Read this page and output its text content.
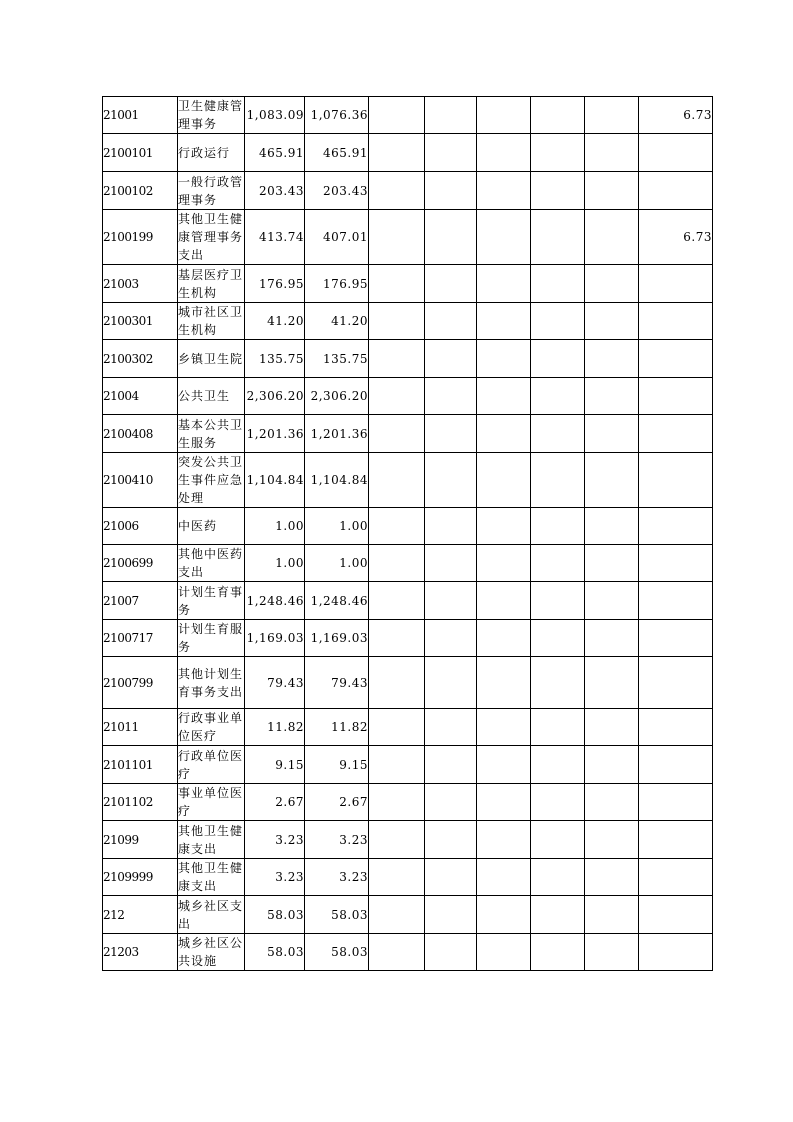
21001	卫生健康管理事务	1,083.09	1,076.36						6.73
2100101	行政运行	465.91	465.91						
2100102	一般行政管理事务	203.43	203.43						
2100199	其他卫生健康管理事务支出	413.74	407.01						6.73
21003	基层医疗卫生机构	176.95	176.95						
2100301	城市社区卫生机构	41.20	41.20						
2100302	乡镇卫生院	135.75	135.75						
21004	公共卫生	2,306.20	2,306.20						
2100408	基本公共卫生服务	1,201.36	1,201.36						
2100410	突发公共卫生事件应急处理	1,104.84	1,104.84						
21006	中医药	1.00	1.00						
2100699	其他中医药支出	1.00	1.00						
21007	计划生育事务	1,248.46	1,248.46						
2100717	计划生育服务	1,169.03	1,169.03						
2100799	其他计划生育事务支出	79.43	79.43						
21011	行政事业单位医疗	11.82	11.82						
2101101	行政单位医疗	9.15	9.15						
2101102	事业单位医疗	2.67	2.67						
21099	其他卫生健康支出	3.23	3.23						
2109999	其他卫生健康支出	3.23	3.23						
212	城乡社区支出	58.03	58.03						
21203	城乡社区公共设施	58.03	58.03						
